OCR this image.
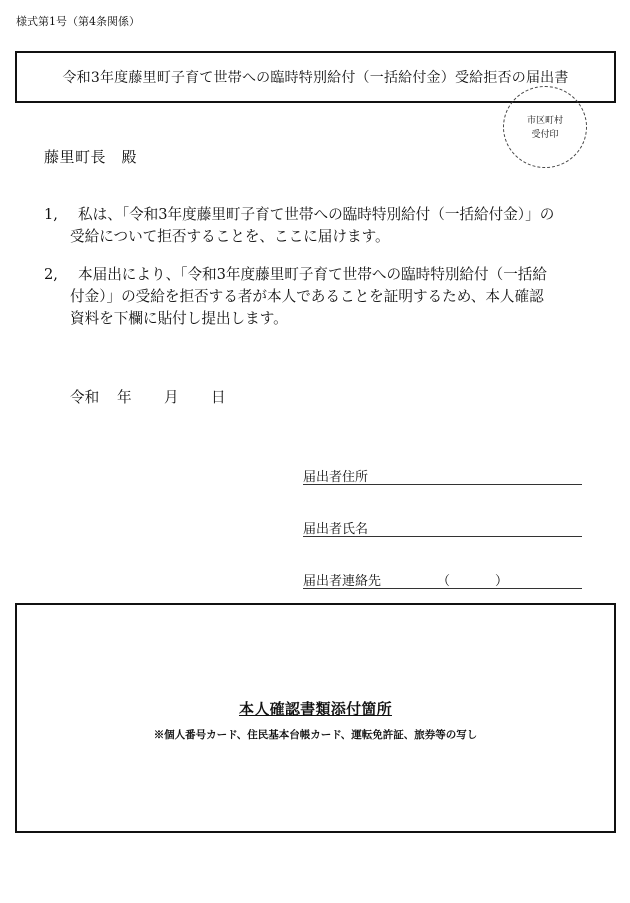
様式第1号（第4条関係）
令和3年度藤里町子育て世帯への臨時特別給付（一括給付金）受給拒否の届出書
市区町村
受付印
藤里町長　殿
1,	私は、「令和3年度藤里町子育て世帯への臨時特別給付（一括給付金）」の
受給について拒否することを、ここに届けます。
2,	本届出により、「令和3年度藤里町子育て世帯への臨時特別給付（一括給
付金）」の受給を拒否する者が本人であることを証明するため、本人確認
資料を下欄に貼付し提出します。
令和 年 月 日
届出者住所
届出者氏名
届出者連絡先	（	）
本人確認書類添付箇所
※個人番号カード、住民基本台帳カード、運転免許証、旅券等の写し
